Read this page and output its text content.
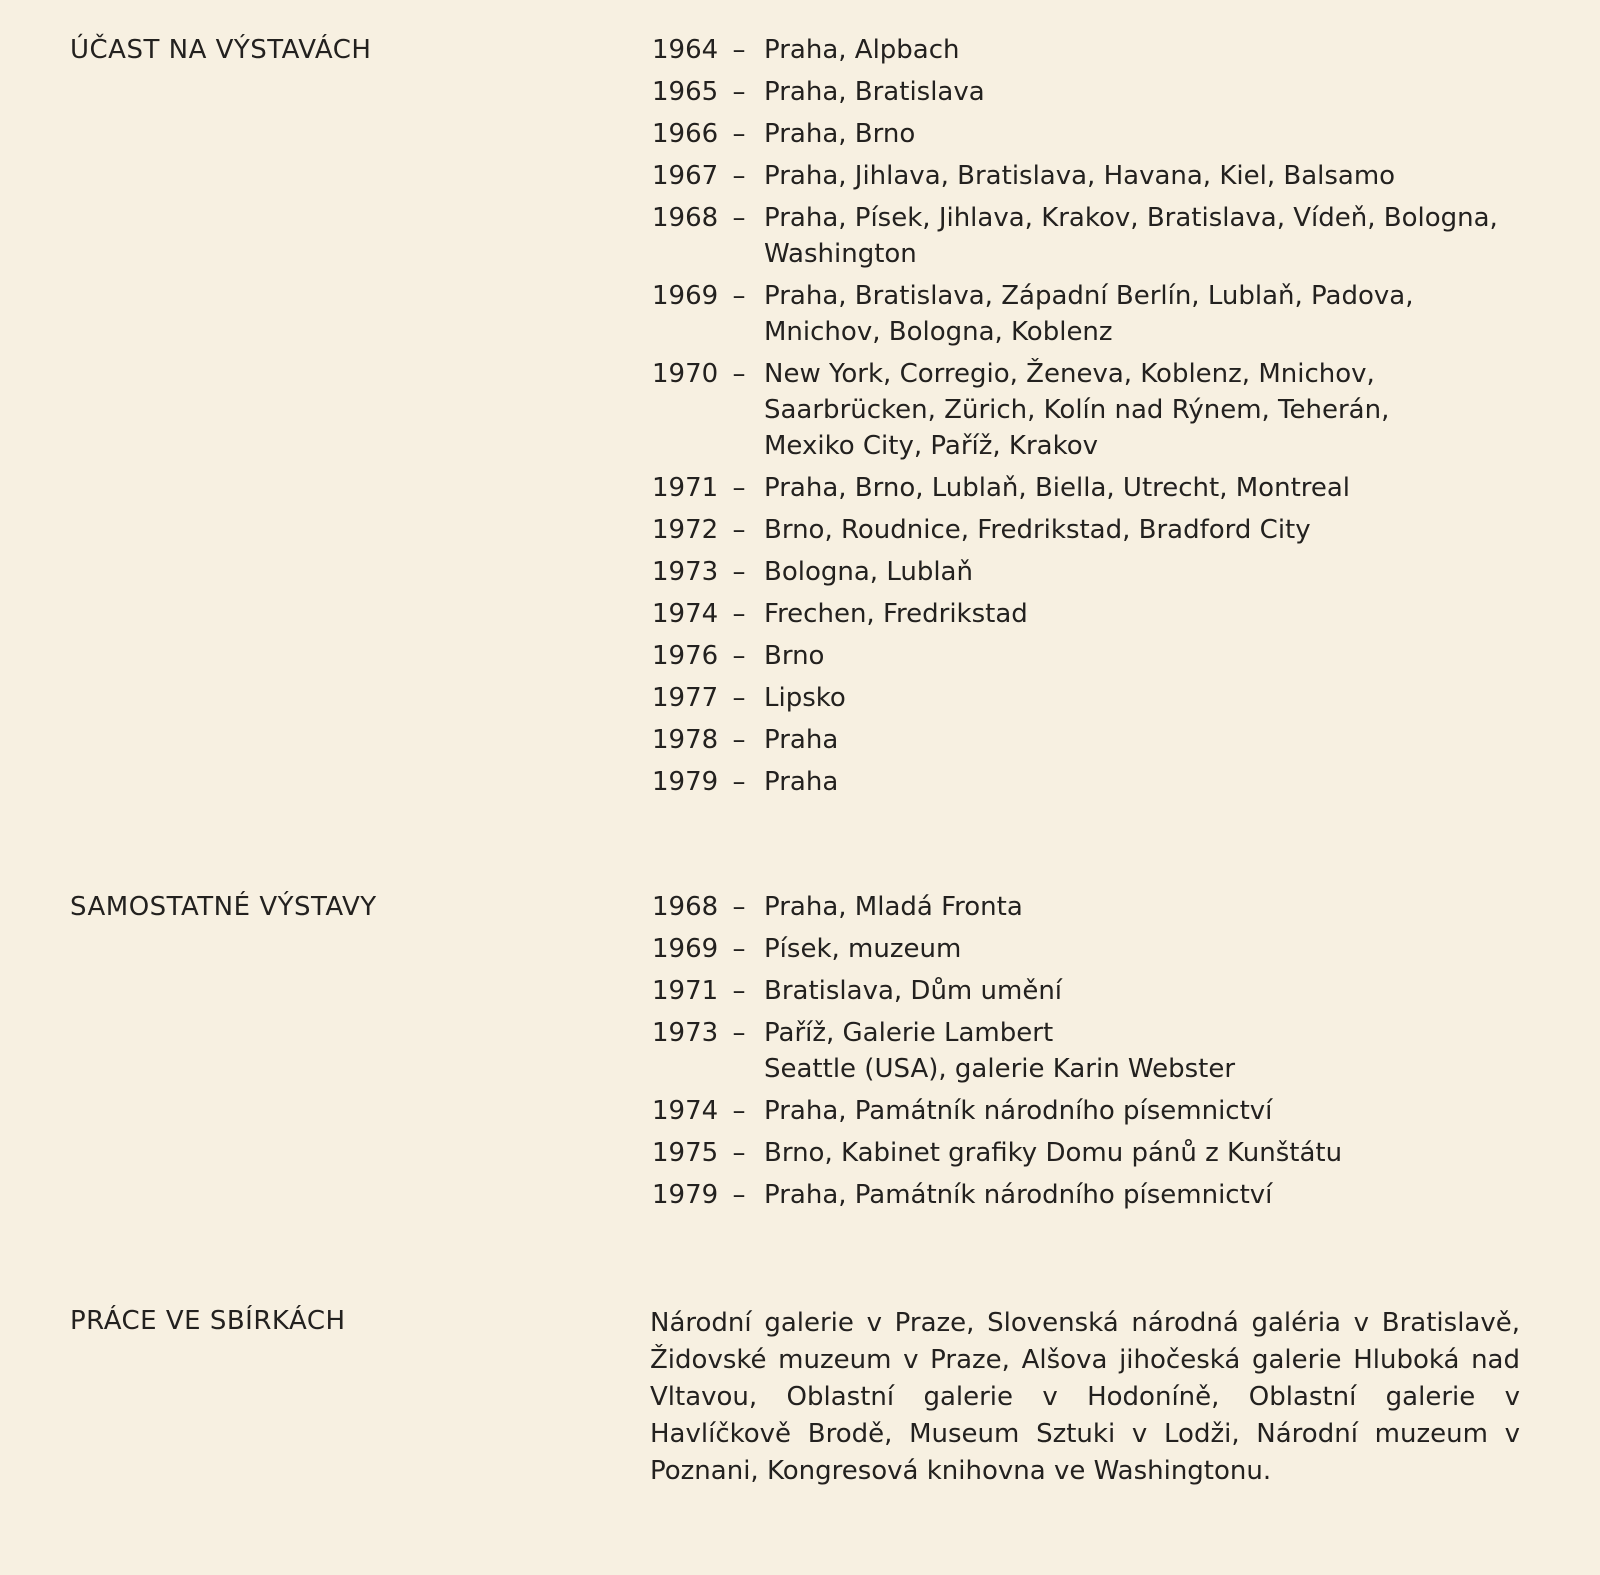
ÚČAST NA VÝSTAVÁCH	1964 – Praha, Alpbach
1965 – Praha, Bratislava
1966 – Praha, Brno
1967 – Praha, Jihlava, Bratislava, Havana, Kiel, Balsamo
1968 – Praha, Písek, Jihlava, Krakov, Bratislava, Vídeň, Bologna,
Washington
1969 – Praha, Bratislava, Západní Berlín, Lublaň, Padova,
Mnichov, Bologna, Koblenz
1970 – New York, Corregio, Ženeva, Koblenz, Mnichov,
Saarbrücken, Zürich, Kolín nad Rýnem, Teherán,
Mexiko City, Paříž, Krakov
1971 – Praha, Brno, Lublaň, Biella, Utrecht, Montreal
1972 – Brno, Roudnice, Fredrikstad, Bradford City
1973 – Bologna, Lublaň
1974 – Frechen, Fredrikstad
1976 – Brno
1977 – Lipsko
1978 – Praha
1979 – Praha
SAMOSTATNÉ VÝSTAVY	1968 – Praha, Mladá Fronta
1969 – Písek, muzeum
1971 – Bratislava, Dům umění
1973 – Paříž, Galerie Lambert
Seattle (USA), galerie Karin Webster
1974 – Praha, Památník národního písemnictví
1975 – Brno, Kabinet grafiky Domu pánů z Kunštátu
1979 – Praha, Památník národního písemnictví
PRÁCE VE SBÍRKÁCH	Národní galerie v Praze, Slovenská národná galéria v Bratislavě, Židovské muzeum v Praze, Alšova jihočeská galerie Hluboká nad Vltavou, Oblastní galerie v Hodoníně, Oblastní galerie v Havlíčkově Brodě, Museum Sztuki v Lodži, Národní muzeum v Poznani, Kongresová knihovna ve Washingtonu.
